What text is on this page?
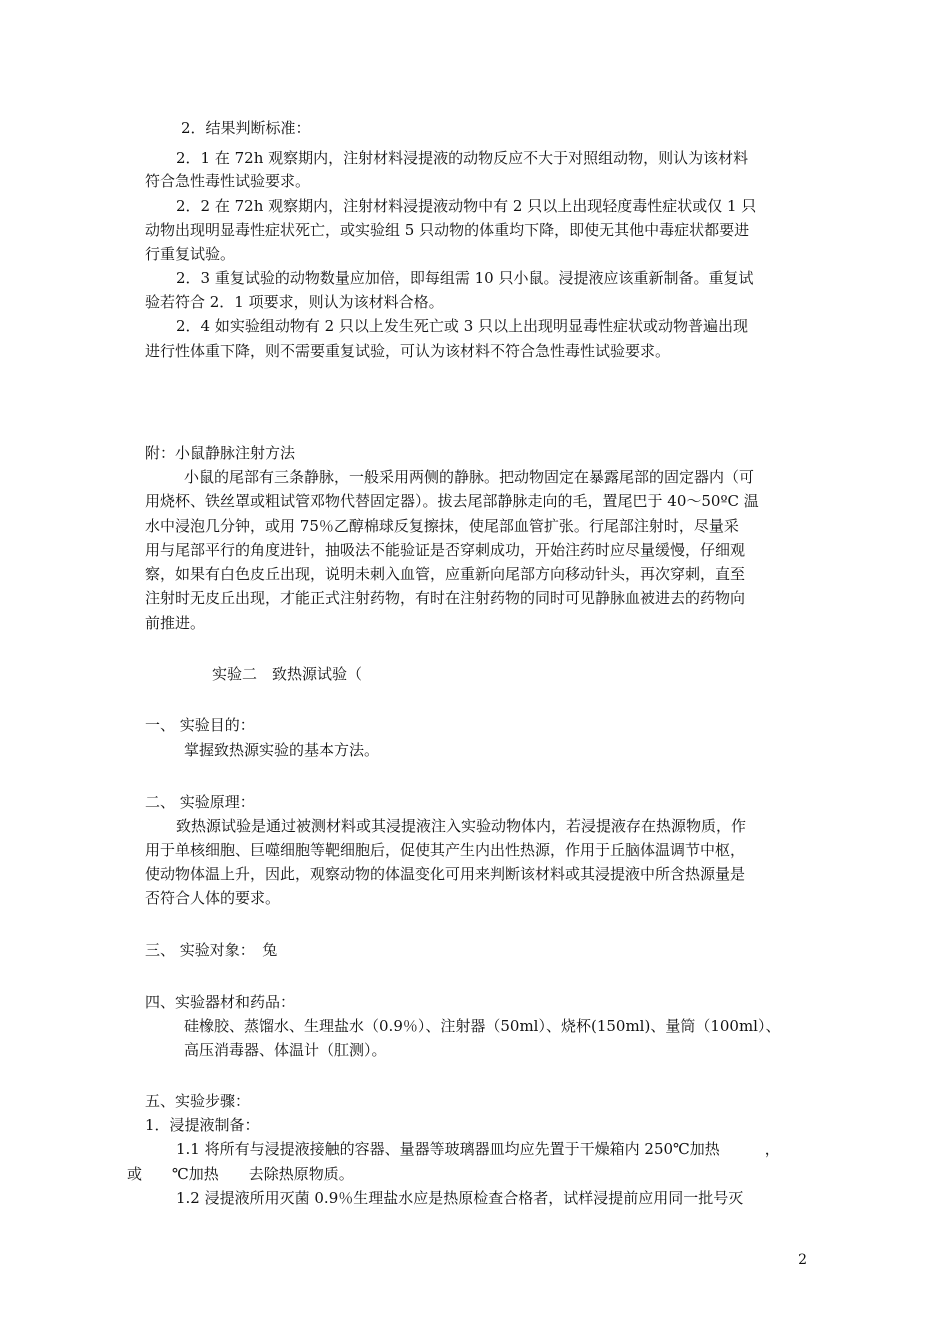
2．结果判断标准：
2．1 在 72h 观察期内，注射材料浸提液的动物反应不大于对照组动物，则认为该材料
符合急性毒性试验要求。
2．2 在 72h 观察期内，注射材料浸提液动物中有 2 只以上出现轻度毒性症状或仅 1 只
动物出现明显毒性症状死亡，或实验组 5 只动物的体重均下降，即使无其他中毒症状都要进
行重复试验。
2．3 重复试验的动物数量应加倍，即每组需 10 只小鼠。浸提液应该重新制备。重复试
验若符合 2．1 项要求，则认为该材料合格。
2．4 如实验组动物有 2 只以上发生死亡或 3 只以上出现明显毒性症状或动物普遍出现
进行性体重下降，则不需要重复试验，可认为该材料不符合急性毒性试验要求。
附：小鼠静脉注射方法
小鼠的尾部有三条静脉，一般采用两侧的静脉。把动物固定在暴露尾部的固定器内（可
用烧杯、铁丝罩或粗试管邓物代替固定器）。拔去尾部静脉走向的毛，置尾巴于 40～50ºC 温
水中浸泡几分钟，或用 75％乙醇棉球反复擦抹，使尾部血管扩张。行尾部注射时，尽量采
用与尾部平行的角度进针，抽吸法不能验证是否穿刺成功，开始注药时应尽量缓慢，仔细观
察，如果有白色皮丘出现，说明未刺入血管，应重新向尾部方向移动针头，再次穿刺，直至
注射时无皮丘出现，才能正式注射药物，有时在注射药物的同时可见静脉血被进去的药物向
前推进。
实验二　致热源试验（
一、 实验目的：
掌握致热源实验的基本方法。
二、 实验原理：
致热源试验是通过被测材料或其浸提液注入实验动物体内，若浸提液存在热源物质，作
用于单核细胞、巨噬细胞等靶细胞后，促使其产生内出性热源，作用于丘脑体温调节中枢，
使动物体温上升，因此，观察动物的体温变化可用来判断该材料或其浸提液中所含热源量是
否符合人体的要求。
三、 实验对象：　兔
四、实验器材和药品：
硅橡胶、蒸馏水、生理盐水（0.9％）、注射器（50ml）、烧杯(150ml)、量筒（100ml）、
高压消毒器、体温计（肛测）。
五、实验步骤：
1．浸提液制备：
1.1 将所有与浸提液接触的容器、量器等玻璃器皿均应先置于干燥箱内 250℃加热　　　，
或　　℃加热　　去除热原物质。
1.2 浸提液所用灭菌 0.9％生理盐水应是热原检查合格者，试样浸提前应用同一批号灭
2
